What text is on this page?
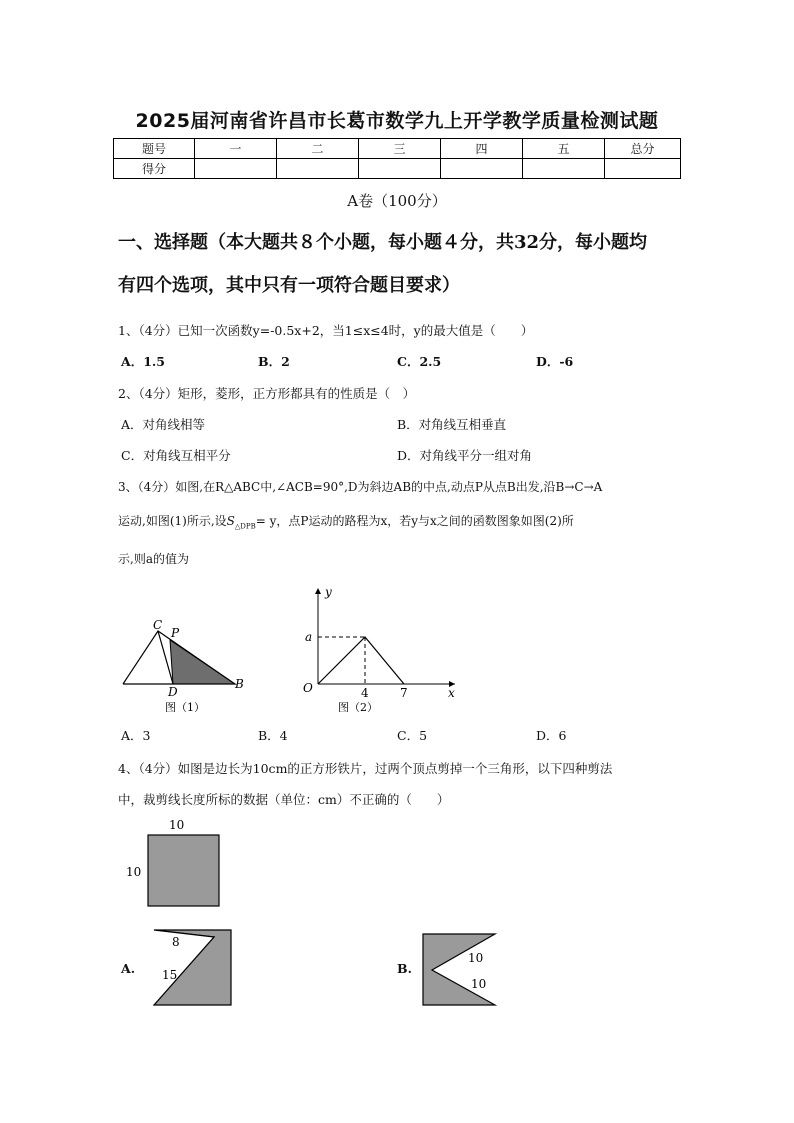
2025届河南省许昌市长葛市数学九上开学教学质量检测试题
题号	一	二	三	四	五	总分
得分						
A卷（100分）
一、选择题（本大题共８个小题，每小题４分，共32分，每小题均
有四个选项，其中只有一项符合题目要求）
1、（4分）已知一次函数y=-0.5x+2，当1≤x≤4时，y的最大值是（　　）
A．1.5	B．2	C．2.5	D．-6
2、（4分）矩形，菱形，正方形都具有的性质是（　）
A．对角线相等	B．对角线互相垂直
C．对角线互相平分	D．对角线平分一组对角
3、（4分）如图,在R△ABC中,∠ACB=90°,D为斜边AB的中点,动点P从点B出发,沿B→C→A
运动,如图(1)所示,设$S_{\triangle DPB}= y$，点P运动的路程为x，若y与x之间的函数图象如图(2)所
示,则a的值为
C
P
D
B
图（1）
y
x
O
a
4	7
图（2）
A．3	B．4	C．5	D．6
4、（4分）如图是边长为10cm的正方形铁片，过两个顶点剪掉一个三角形，以下四种剪法
中，裁剪线长度所标的数据（单位：cm）不正确的（　　）
10
10
A.
8
15	B.
10
10
